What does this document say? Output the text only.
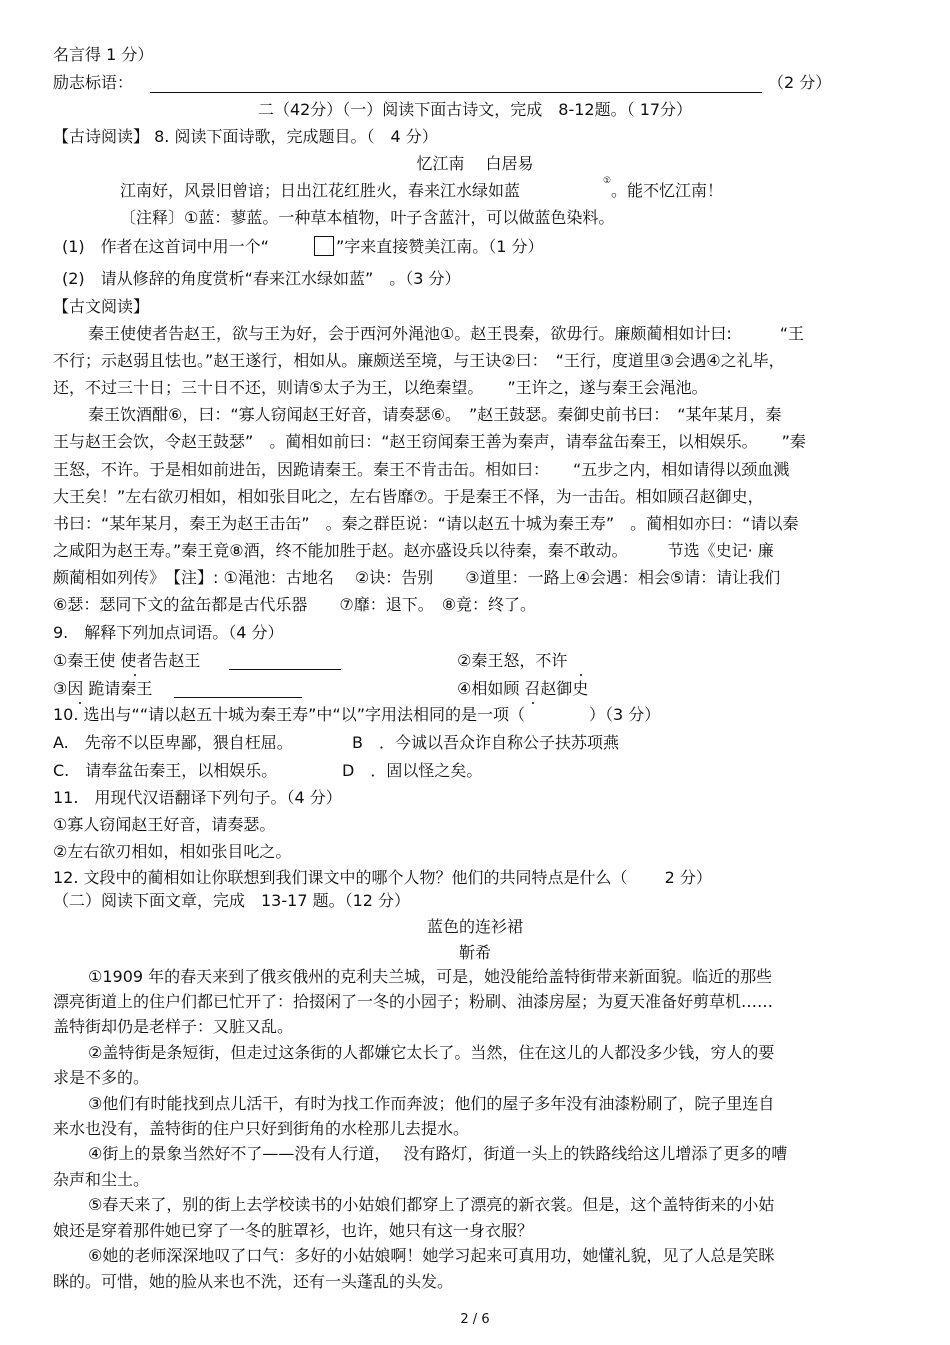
名言得 1 分）
励志标语：	（2 分）
二（42分）（一）阅读下面古诗文，完成　8-12题。（ 17分）
【古诗阅读】 8. 阅读下面诗歌，完成题目。（　4 分）
忆江南　 白居易
江南好，风景旧曾谙；日出江花红胜火，春来江水绿如蓝	① 。能不忆江南！
〔注释〕①蓝：蓼蓝。一种草本植物，叶子含蓝汁，可以做蓝色染料。
(1)　作者在这首词中用一个“	”字来直接赞美江南。（1 分）
(2)　请从修辞的角度赏析“春来江水绿如蓝”　。（3 分）
【古文阅读】
秦王使使者告赵王，欲与王为好，会于西河外渑池①。赵王畏秦，欲毋行。廉颇蔺相如计曰:　　　“王
不行；示赵弱且怯也。”赵王遂行，相如从。廉颇送至境，与王诀②曰：　“王行，度道里③会遇④之礼毕，
还，不过三十日；三十日不还，则请⑤太子为王，以绝秦望。　　”王许之，遂与秦王会渑池。
秦王饮酒酣⑥，曰：“寡人窃闻赵王好音，请奏瑟⑥。　”赵王鼓瑟。秦御史前书曰：　“某年某月，秦
王与赵王会饮，令赵王鼓瑟”　。蔺相如前曰：“赵王窃闻秦王善为秦声，请奉盆缶秦王，以相娱乐。　　”秦
王怒，不许。于是相如前进缶，因跪请秦王。秦王不肯击缶。相如曰：　　“五步之内，相如请得以颈血溅
大王矣！”左右欲刃相如，相如张目叱之，左右皆靡⑦。于是秦王不怿，为一击缶。相如顾召赵御史，
书曰：“某年某月，秦王为赵王击缶”　。秦之群臣说：“请以赵五十城为秦王寿”　。蔺相如亦曰：“请以秦
之咸阳为赵王寿。”秦王竟⑧酒，终不能加胜于赵。赵亦盛设兵以待秦，秦不敢动。　　　节选《史记· 廉
颇蔺相如列传》　【注】: ①渑池：古地名　 ②诀：告别　　③道里：一路上④会遇：相会⑤请：请让我们
⑥瑟：瑟同下文的盆缶都是古代乐器　　⑦靡：退下。　⑧竟：终了。
9.　解释下列加点词语。（4 分）
①秦王使 使者告赵王	②秦王怒，不许
③因 跪请秦王	④相如顾 召赵御史
10. 选出与““请以赵五十城为秦王寿”中“以”字用法相同的是一项（　　　　）（3 分）
A.　先帝不以臣卑鄙，猥自枉屈。	B　．今诚以吾众诈自称公子扶苏项燕
C.　请奉盆缶秦王，以相娱乐。	D　．固以怪之矣。
11.　用现代汉语翻译下列句子。（4 分）
①寡人窃闻赵王好音，请奏瑟。
②左右欲刃相如，相如张目叱之。
12. 文段中的蔺相如让你联想到我们课文中的哪个人物？他们的共同特点是什么（　　 2 分）
（二）阅读下面文章，完成　13-17 题。（12 分）
蓝色的连衫裙
靳希
①1909 年的春天来到了俄亥俄州的克利夫兰城，可是，她没能给盖特街带来新面貌。临近的那些
漂亮街道上的住户们都已忙开了：拾掇闲了一冬的小园子；粉刷、油漆房屋；为夏天准备好剪草机……
盖特街却仍是老样子：又脏又乱。
②盖特街是条短街，但走过这条街的人都嫌它太长了。当然，住在这儿的人都没多少钱，穷人的要
求是不多的。
③他们有时能找到点儿活干，有时为找工作而奔波；他们的屋子多年没有油漆粉刷了，院子里连自
来水也没有，盖特街的住户只好到街角的水栓那儿去提水。
④街上的景象当然好不了——没有人行道，　 没有路灯，街道一头上的铁路线给这儿增添了更多的嘈
杂声和尘土。
⑤春天来了，别的街上去学校读书的小姑娘们都穿上了漂亮的新衣裳。但是，这个盖特街来的小姑
娘还是穿着那件她已穿了一冬的脏罩衫，也许，她只有这一身衣服？
⑥她的老师深深地叹了口气：多好的小姑娘啊！她学习起来可真用功，她懂礼貌，见了人总是笑眯
眯的。可惜，她的脸从来也不洗，还有一头蓬乱的头发。
2 / 6
